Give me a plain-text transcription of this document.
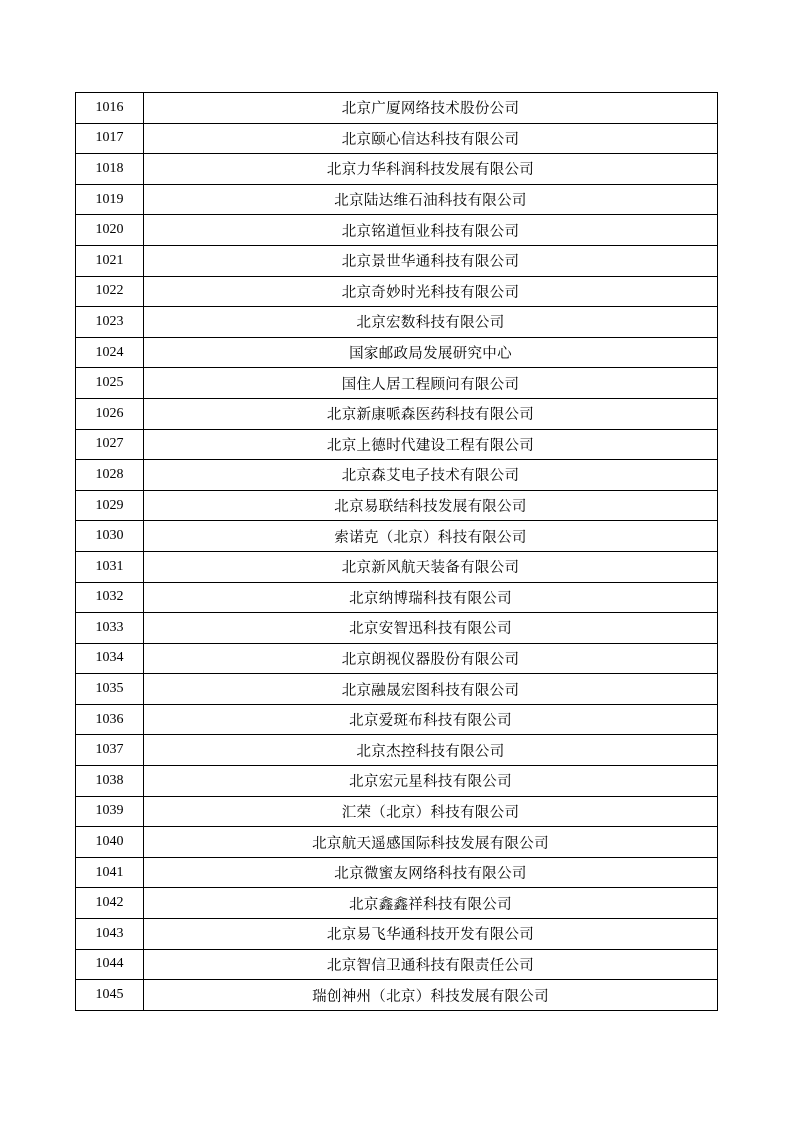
1016	北京广厦网络技术股份公司
1017	北京颐心信达科技有限公司
1018	北京力华科润科技发展有限公司
1019	北京陆达维石油科技有限公司
1020	北京铭道恒业科技有限公司
1021	北京景世华通科技有限公司
1022	北京奇妙时光科技有限公司
1023	北京宏数科技有限公司
1024	国家邮政局发展研究中心
1025	国住人居工程顾问有限公司
1026	北京新康哌森医药科技有限公司
1027	北京上德时代建设工程有限公司
1028	北京森艾电子技术有限公司
1029	北京易联结科技发展有限公司
1030	索诺克（北京）科技有限公司
1031	北京新风航天装备有限公司
1032	北京纳博瑞科技有限公司
1033	北京安智迅科技有限公司
1034	北京朗视仪器股份有限公司
1035	北京融晟宏图科技有限公司
1036	北京爱斑布科技有限公司
1037	北京杰控科技有限公司
1038	北京宏元星科技有限公司
1039	汇荣（北京）科技有限公司
1040	北京航天遥感国际科技发展有限公司
1041	北京微蜜友网络科技有限公司
1042	北京鑫鑫祥科技有限公司
1043	北京易飞华通科技开发有限公司
1044	北京智信卫通科技有限责任公司
1045	瑞创神州（北京）科技发展有限公司
